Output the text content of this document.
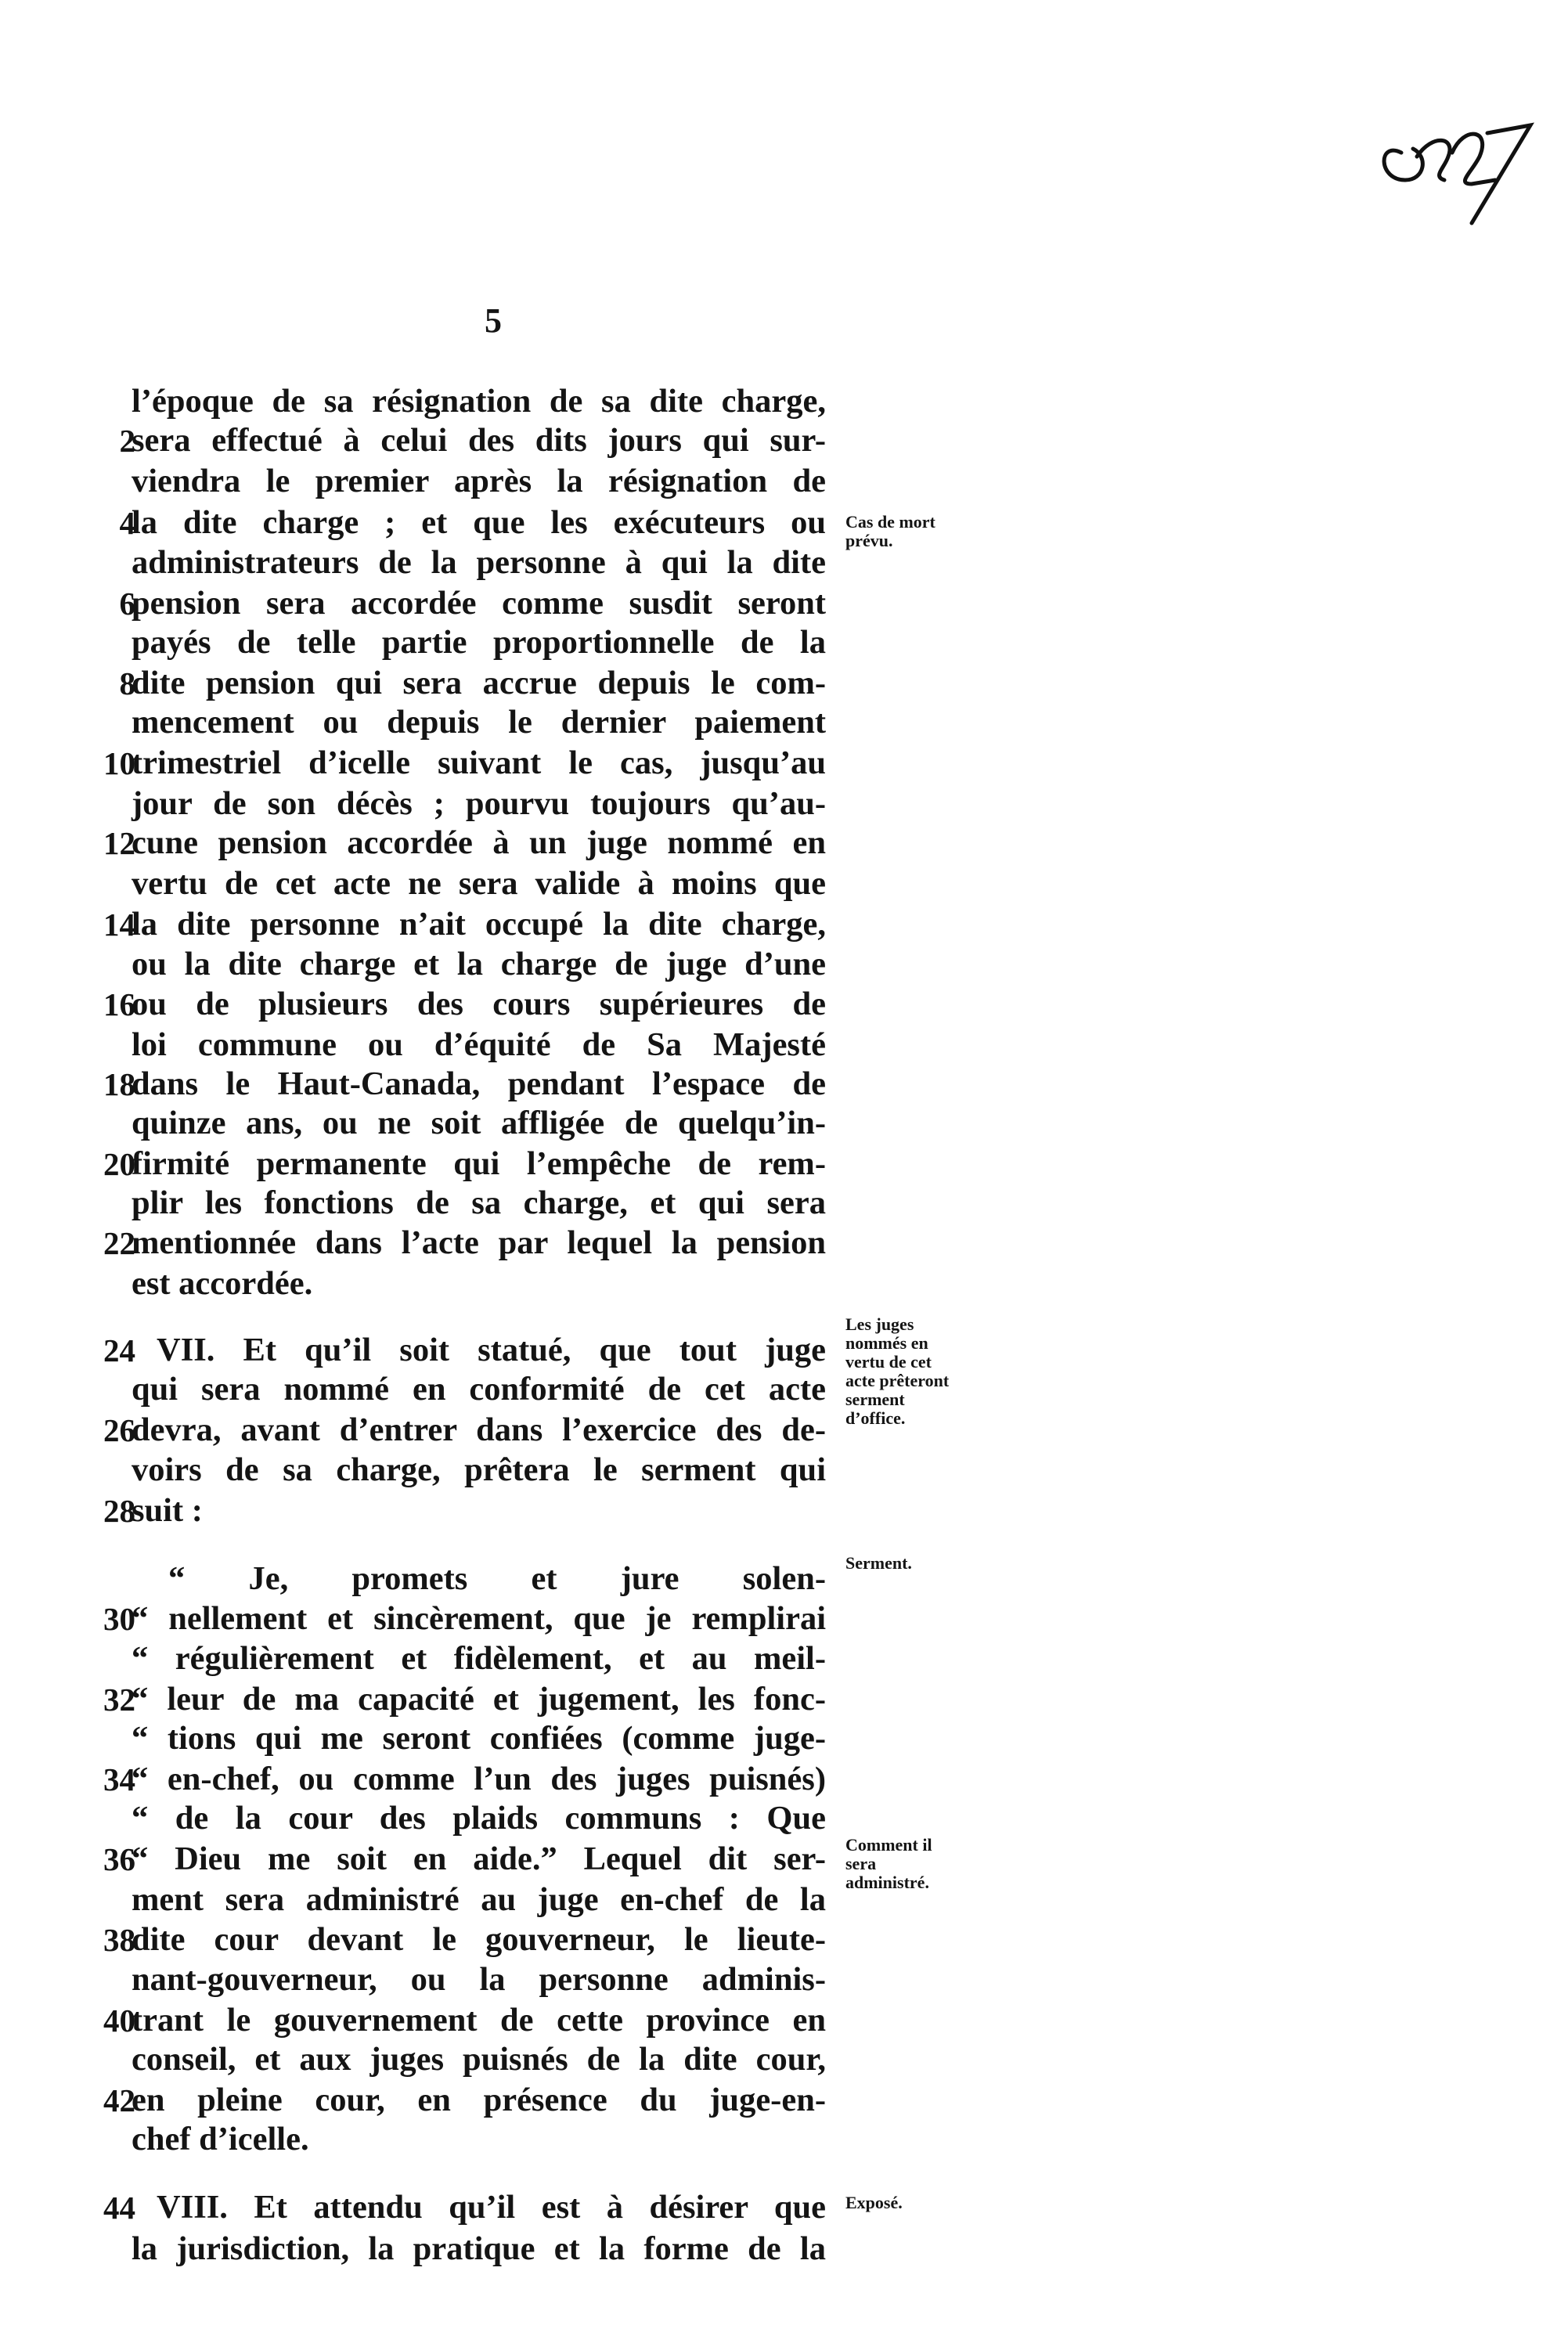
5
l’époque de sa résignation de sa dite charge,
2
sera effectué à celui des dits jours qui sur-
viendra le premier après la résignation de
4
la dite charge ; et que les exécuteurs ou
administrateurs de la personne à qui la dite
6
pension sera accordée comme susdit seront
payés de telle partie proportionnelle de la
8
dite pension qui sera accrue depuis le com-
mencement ou depuis le dernier paiement
10
trimestriel d’icelle suivant le cas, jusqu’au
jour de son décès ; pourvu toujours qu’au-
12
cune pension accordée à un juge nommé en
vertu de cet acte ne sera valide à moins que
14
la dite personne n’ait occupé la dite charge,
ou la dite charge et la charge de juge d’une
16
ou de plusieurs des cours supérieures de
loi commune ou d’équité de Sa Majesté
18
dans le Haut-Canada, pendant l’espace de
quinze ans, ou ne soit affligée de quelqu’in-
20
firmité permanente qui l’empêche de rem-
plir les fonctions de sa charge, et qui sera
22
mentionnée dans l’acte par lequel la pension
est accordée.
24 VII. Et qu’il soit statué, que tout juge
qui sera nommé en conformité de cet acte
26
devra, avant d’entrer dans l’exercice des de-
voirs de sa charge, prêtera le serment qui
28
suit :
“ Je, promets et jure solen-
30
“ nellement et sincèrement, que je remplirai
“ régulièrement et fidèlement, et au meil-
32
“ leur de ma capacité et jugement, les fonc-
“ tions qui me seront confiées (comme juge-
34
“ en-chef, ou comme l’un des juges puisnés)
“ de la cour des plaids communs : Que
36
“ Dieu me soit en aide.” Lequel dit ser-
ment sera administré au juge en-chef de la
38
dite cour devant le gouverneur, le lieute-
nant-gouverneur, ou la personne adminis-
40
trant le gouvernement de cette province en
conseil, et aux juges puisnés de la dite cour,
42
en pleine cour, en présence du juge-en-
chef d’icelle.
44 VIII. Et attendu qu’il est à désirer que
la jurisdiction, la pratique et la forme de la
Cas de mort prévu.
Les juges nommés en vertu de cet acte prêteront serment d’office.
Serment.
Comment il sera administré.
Exposé.
